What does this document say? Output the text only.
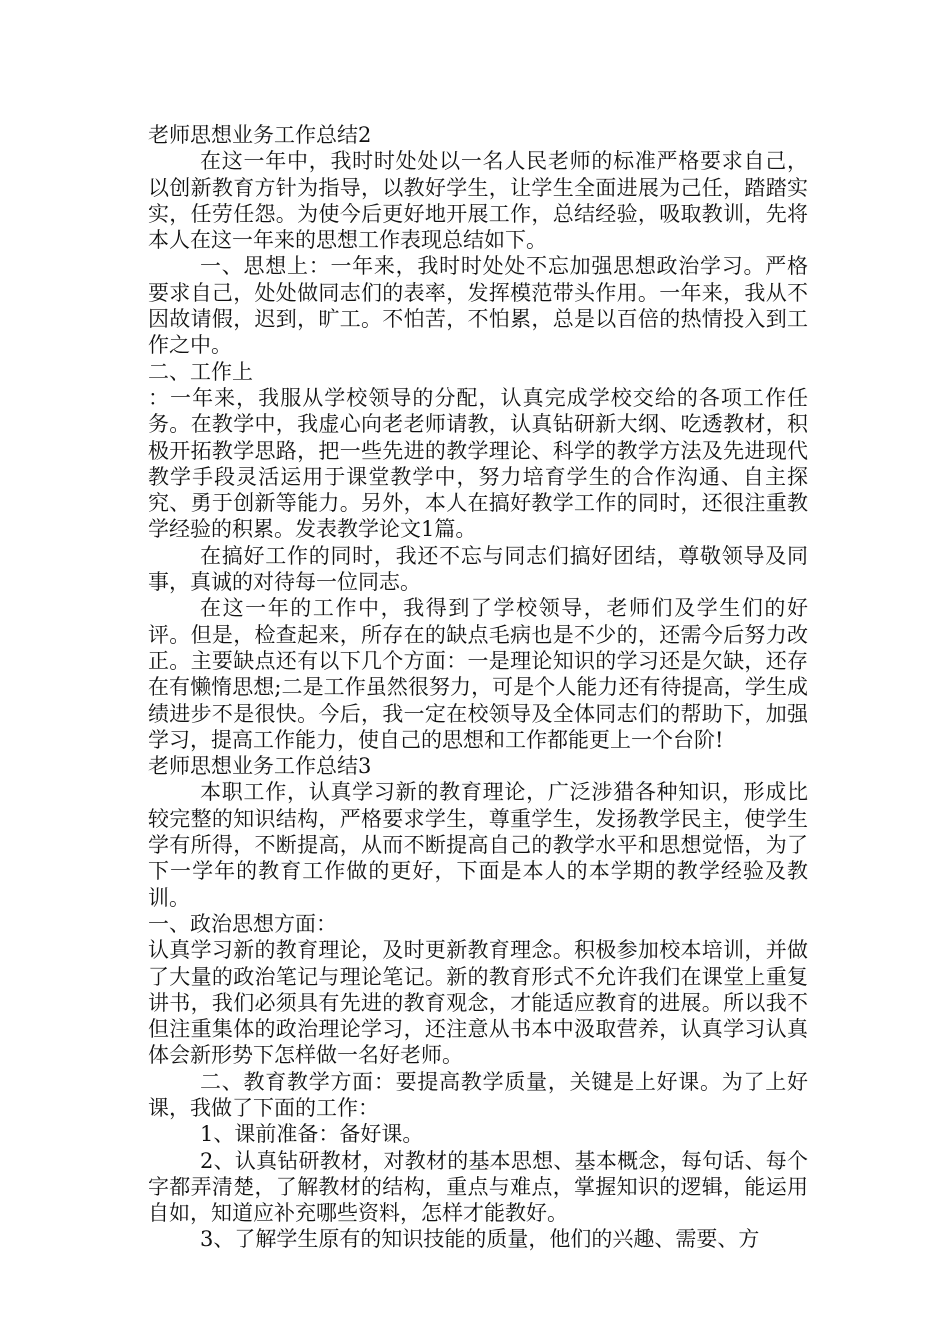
老师思想业务工作总结2

在这一年中，我时时处处以一名人民老师的标准严格要求自己，以创新教育方针为指导，以教好学生，让学生全面进展为己任，踏踏实实，任劳任怨。为使今后更好地开展工作，总结经验，吸取教训，先将本人在这一年来的思想工作表现总结如下。

一、思想上：一年来，我时时处处不忘加强思想政治学习。严格要求自己，处处做同志们的表率，发挥模范带头作用。一年来，我从不因故请假，迟到，旷工。不怕苦，不怕累，总是以百倍的热情投入到工作之中。

二、工作上

：一年来，我服从学校领导的分配，认真完成学校交给的各项工作任务。在教学中，我虚心向老老师请教，认真钻研新大纲、吃透教材，积极开拓教学思路，把一些先进的教学理论、科学的教学方法及先进现代教学手段灵活运用于课堂教学中，努力培育学生的合作沟通、自主探究、勇于创新等能力。另外，本人在搞好教学工作的同时，还很注重教学经验的积累。发表教学论文1篇。

在搞好工作的同时，我还不忘与同志们搞好团结，尊敬领导及同事，真诚的对待每一位同志。

在这一年的工作中，我得到了学校领导，老师们及学生们的好评。但是，检查起来，所存在的缺点毛病也是不少的，还需今后努力改正。主要缺点还有以下几个方面：一是理论知识的学习还是欠缺，还存在有懒惰思想;二是工作虽然很努力，可是个人能力还有待提高，学生成绩进步不是很快。今后，我一定在校领导及全体同志们的帮助下，加强学习，提高工作能力，使自己的思想和工作都能更上一个台阶!

老师思想业务工作总结3

本职工作，认真学习新的教育理论，广泛涉猎各种知识，形成比较完整的知识结构，严格要求学生，尊重学生，发扬教学民主，使学生学有所得，不断提高，从而不断提高自己的教学水平和思想觉悟，为了下一学年的教育工作做的更好，下面是本人的本学期的教学经验及教训。

一、政治思想方面：

认真学习新的教育理论，及时更新教育理念。积极参加校本培训，并做了大量的政治笔记与理论笔记。新的教育形式不允许我们在课堂上重复讲书，我们必须具有先进的教育观念，才能适应教育的进展。所以我不但注重集体的政治理论学习，还注意从书本中汲取营养，认真学习认真体会新形势下怎样做一名好老师。

二、教育教学方面：要提高教学质量，关键是上好课。为了上好课，我做了下面的工作：

1、课前准备：备好课。

2、认真钻研教材，对教材的基本思想、基本概念，每句话、每个字都弄清楚，了解教材的结构，重点与难点，掌握知识的逻辑，能运用自如，知道应补充哪些资料，怎样才能教好。

3、了解学生原有的知识技能的质量，他们的兴趣、需要、方
